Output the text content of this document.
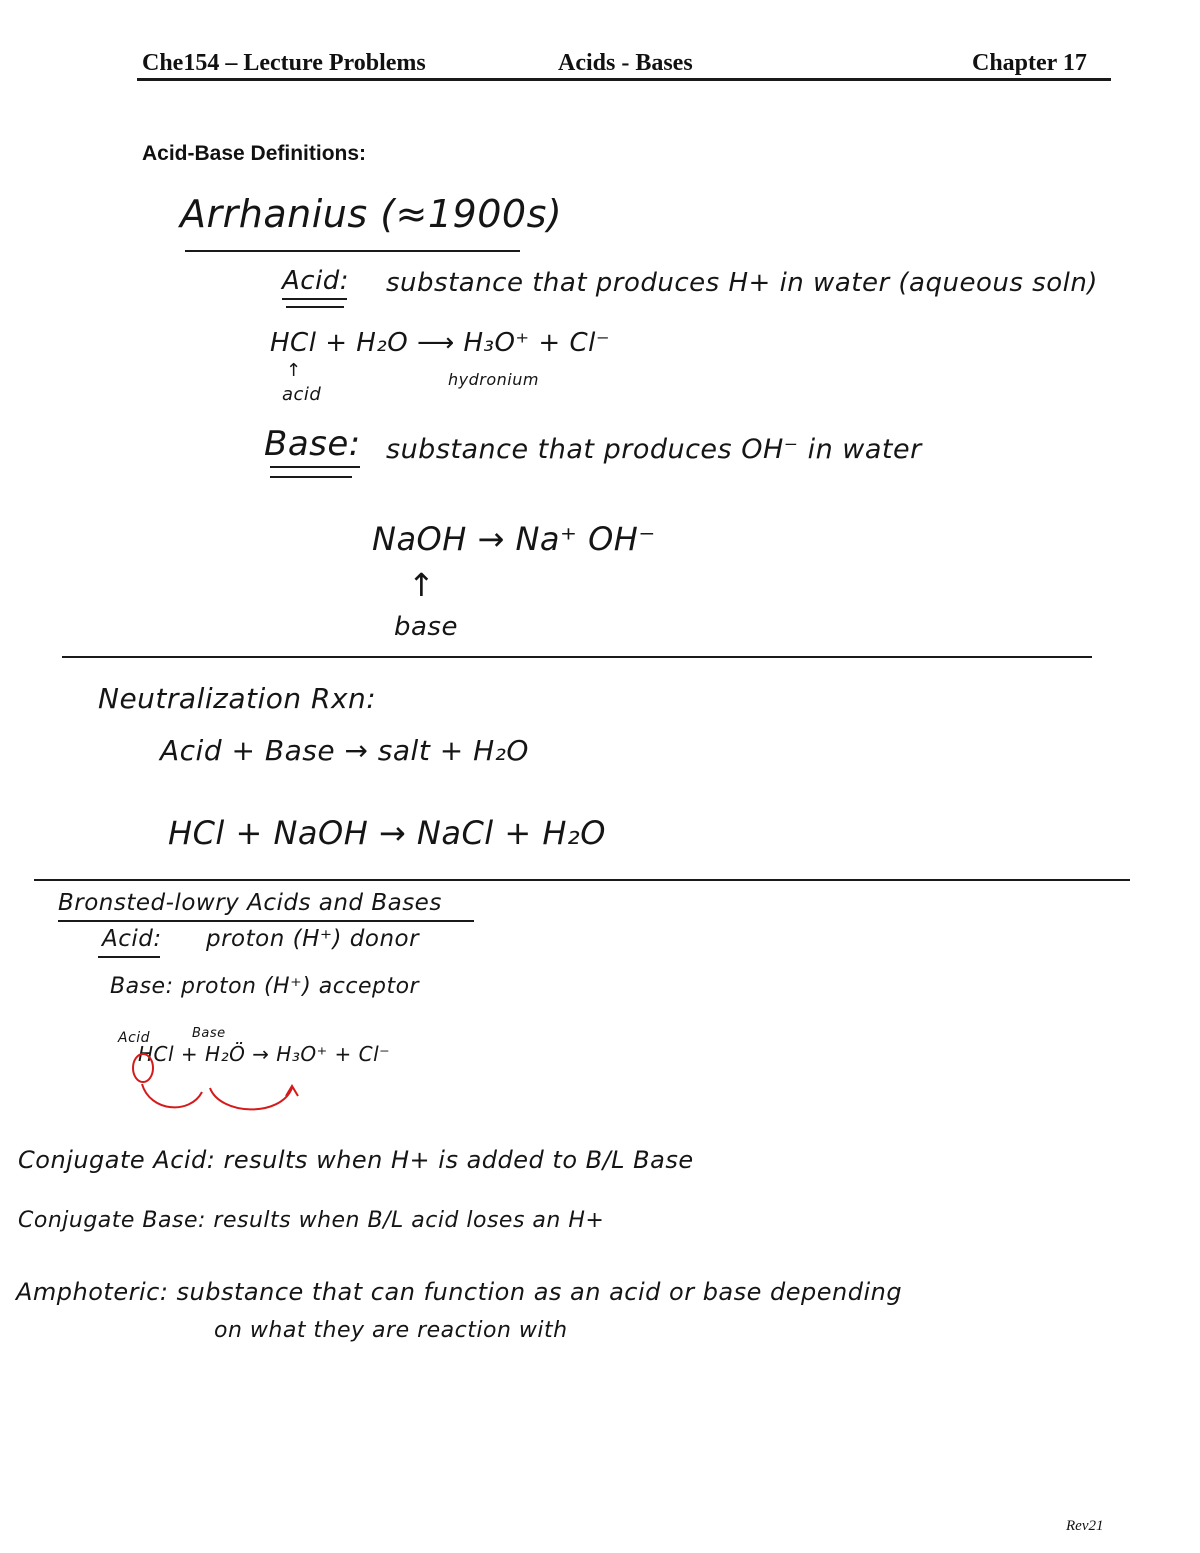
Che154 – Lecture Problems	Acids - Bases	Chapter 17
Acid-Base Definitions:
Arrhanius (≈1900s)
Acid: substance that produces H+ in water (aqueous soln)
HCl + H₂O ⟶ H₃O⁺ + Cl⁻
↑
acid
hydronium
Base: substance that produces OH⁻ in water
NaOH → Na⁺ OH⁻
↑
base
Neutralization Rxn:
Acid + Base → salt + H₂O
HCl + NaOH → NaCl + H₂O
Bronsted-lowry Acids and Bases
Acid: proton (H⁺) donor
Base: proton (H⁺) acceptor
Acid	Base
HCl + H₂Ö → H₃O⁺ + Cl⁻
Conjugate Acid: results when H+ is added to B/L Base
Conjugate Base: results when B/L acid loses an H+
Amphoteric: substance that can function as an acid or base depending
on what they are reaction with
Rev21
